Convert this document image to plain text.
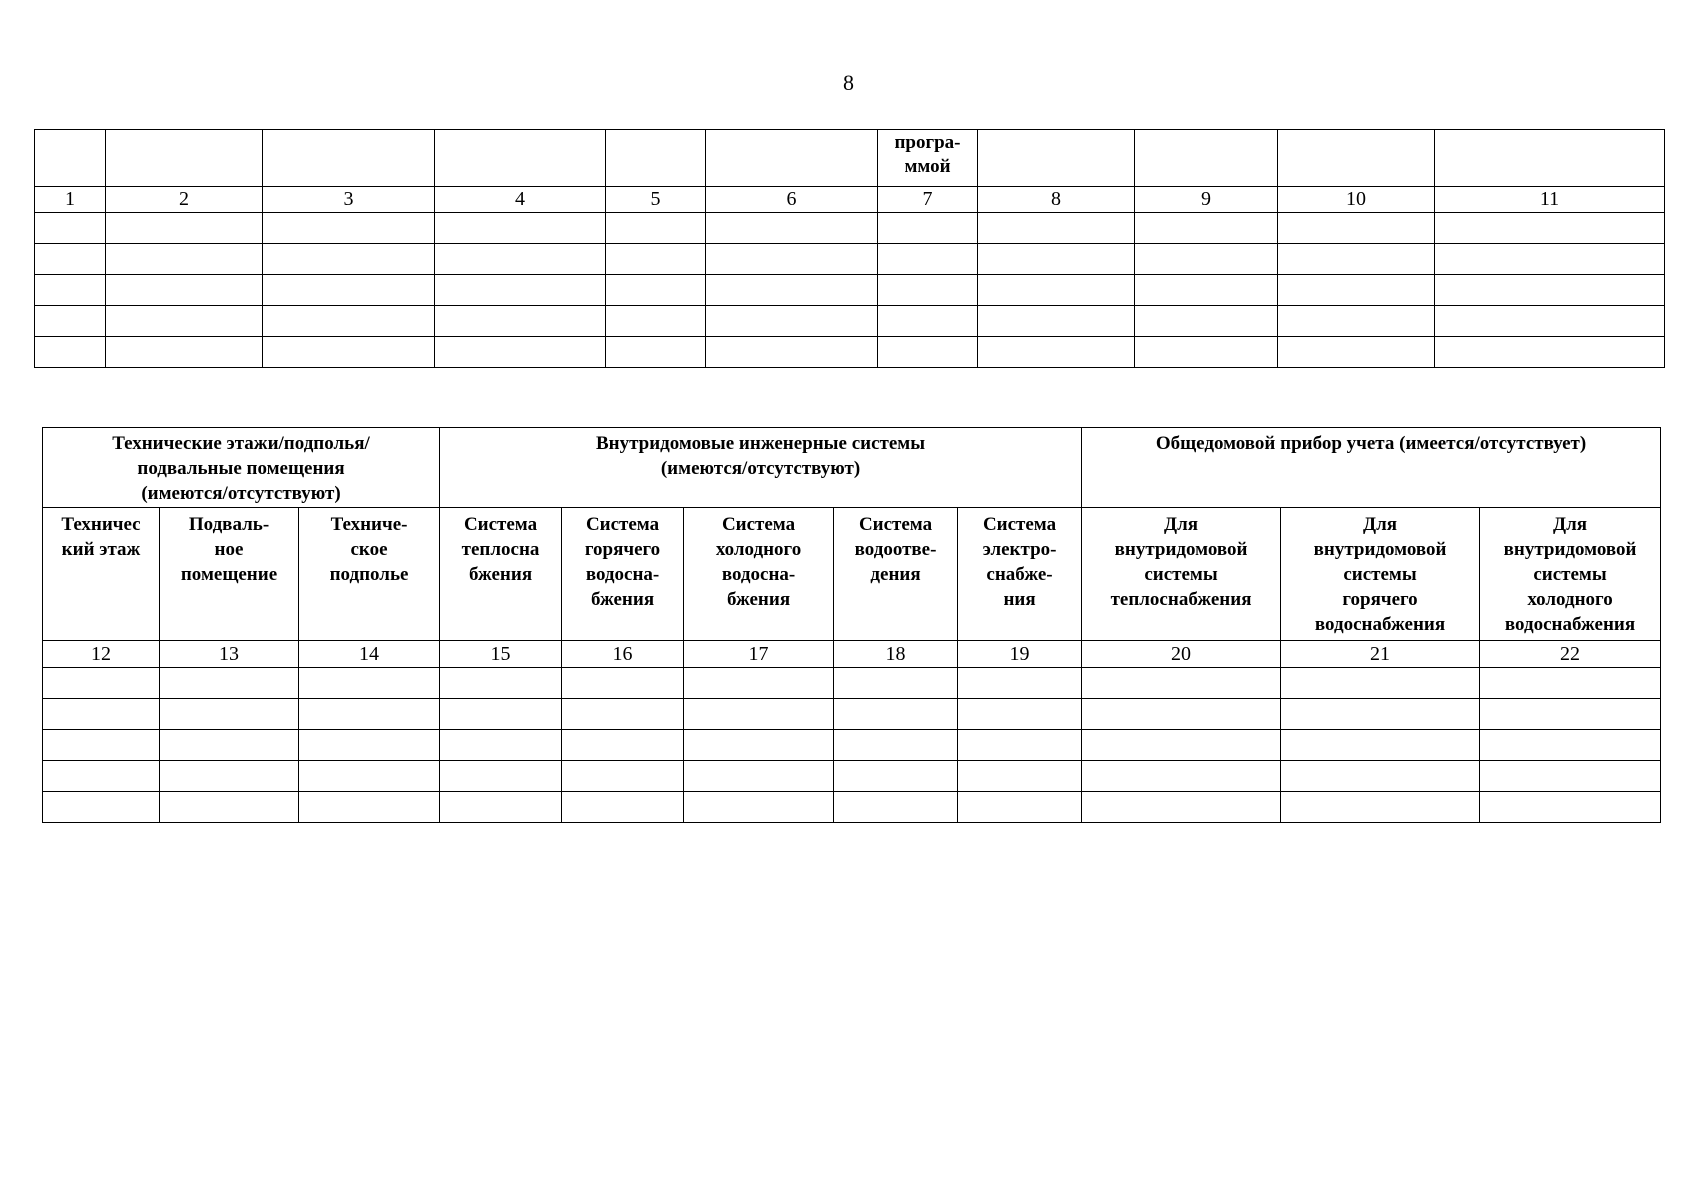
8

						програ-
ммой				

1	2	3	4	5	6	7	8	9	10	11

Технические этажи/подполья/
подвальные помещения
(имеются/отсутствуют)			Внутридомовые инженерные системы
(имеются/отсутствуют)					Общедомовой прибор учета (имеется/отсутствует)		

Техничес
кий этаж	Подваль-
ное
помещение	Техниче-
ское
подполье	Система
теплосна
бжения	Система
горячего
водосна-
бжения	Система
холодного
водосна-
бжения	Система
водоотве-
дения	Система
электро-
снабже-
ния	Для
внутридомовой
системы
теплоснабжения	Для
внутридомовой
системы
горячего
водоснабжения	Для
внутридомовой
системы
холодного
водоснабжения

12	13	14	15	16	17	18	19	20	21	22
